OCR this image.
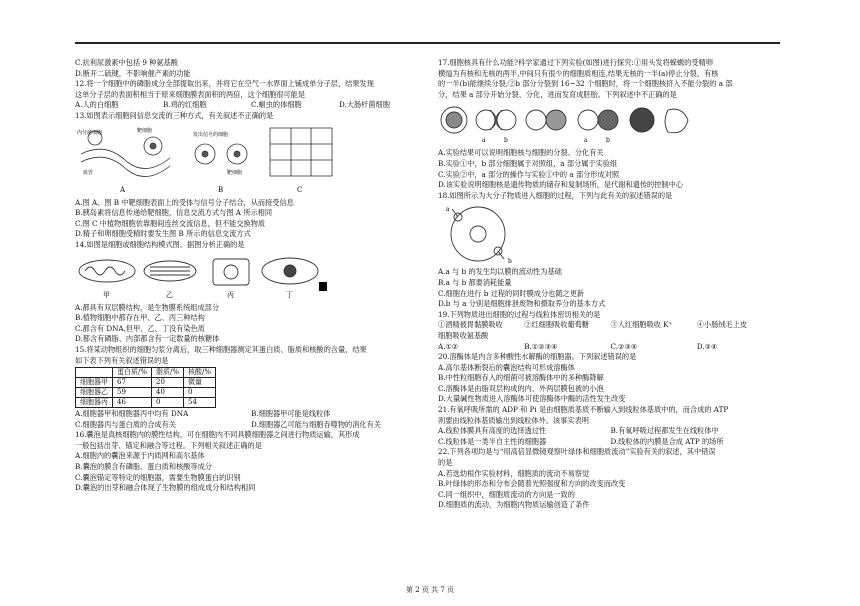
C.抗利尿激素中包括 9 种氨基酸

D.断开二硫键，不影响催产素的功能

12.将一个细胞中的磷脂成分全部提取出来，并将它在空气一水界面上铺成单分子层，结果发现

这单分子层的表面积相当于原来细胞膜表面积的两倍，这个细胞很可能是

A.人的白细胞	B.鸡的红细胞	C.蛔虫的体细胞	D.大肠杆菌细胞

13.如图表示细胞间信息交流的三种方式，有关叙述不正确的是

内分泌细胞	靶细胞
血管
发出信号的细胞
靶细胞
A	B	C

A.图 A、图 B 中靶细胞表面上的受体与信号分子结合，从而接受信息

B.胰岛素将信息传递给靶细胞，信息交流方式与图 A 所示相同

C.图 C 中植物细胞依靠胞间连丝交流信息，但不能交换物质

D.精子和卵细胞受精时要发生图 B 所示的信息交流方式

14.如图是细胞或细胞结构模式图。据图分析正确的是

甲	乙	丙	丁

A.都具有双层膜结构，是生物膜系统组成部分

B.植物细胞中都存在甲、乙、丙三种结构

C.都含有 DNA,但甲、乙、丁没有染色质

D.都含有磷脂、内部都含有一定数量的核糖体

15.将某动物组织的细胞匀浆分离后，取三种细胞器测定其蛋白质、脂质和核酸的含量，结果

如下表下列有关叙述错误的是

	蛋白质/%	脂质/%	核酸/%
细胞器甲	67	20	微量
细胞器乙	59	40	0
细胞器丙	46	0	54
A.细胞器甲和细胞器丙中均有 DNA	B.细胞器甲可能是线粒体
C.细胞器丙与蛋白质的合成有关	D.细胞器乙可能与细胞吞噬物的消化有关

16.囊泡是真核细胞内的膜性结构，可在细胞内不同具膜细胞器之间进行物质运输，其形成

一般包括出芽、锚定和融合等过程。下列相关叙述正确的是

A.细胞内的囊泡来源于内质网和高尔基体

B.囊泡的膜含有磷脂、蛋白质和核酸等成分

C.囊泡锚定等特定的细胞器，需要生物膜蛋白的识别

D.囊泡的出芽和融合体现了生物膜的组成成分和结构相同

17.细胞核具有什么功能?科学家通过下列实验(如图)进行探究:①用头发将蝾螈的受精卵

横缢为有核和无核的两半,中间只有很少的细胞质相连,结果无核的一半(a)停止分裂，有核

的一半(b)能继续分裂;②b 部分分裂到 16~32 个细胞时，将一个细胞核挤入不能分裂的 a 部

分，结果 a 部分开始分裂、分化，进而发育成胚胎。下列叙述中不正确的是

a	b	a	b

A.实验结果可以说明细胞核与细胞的分裂、分化有关

B.实验①中，b 部分细胞属于对照组，a 部分属于实验组

C.实验②中，a 部分的操作与实验①中的 a 部分形成对照

D.该实验说明细胞核是遗传物质的储存和复制场所，是代谢和遗传的控制中心

18.如图所示为大分子物质进入细胞的过程，下列与此有关的叙述错误的是

a
b

A.a 与 b 的发生均以膜的流动性为基础

B.a 与 b 都要消耗能量

C.细胞在进行 b 过程的同时膜成分也随之更新

D.b 与 a 分别是细胞排泄废物和摄取养分的基本方式

19.下列物质进出细胞的过程与线粒体密切相关的是

①酒精被胃黏膜吸收	②红细胞吸收葡萄糖	③人红细胞吸收 K⁺	④小肠绒毛上皮

细胞吸收氨基酸

A.①②	B.①②③④	C.②③④	D.③④

20.溶酶体是内含多种酸性水解酶的细胞器。下列叙述错误的是

A.高尔基体断裂后的囊泡结构可形成溶酶体

B.中性粒细胞吞入的细菌可被溶酶体中的多种酶降解

C.溶酶体是由脂双层构成的内、外两层膜包被的小泡

D.大量碱性物质进入溶酶体可使溶酶体中酶的活性发生改变

21.有氧呼吸所需的 ADP 和 Pi 是由细胞质基质不断输入到线粒体基质中的，而合成的 ATP

则要由线粒体基质输出到线粒体外。该事实表明

A.线粒体膜具有高度的选择透过性	B.有氧呼吸过程都发生在线粒体中
C.线粒体是一类半自主性的细胞器	D.线粒体的内膜是合成 ATP 的场所

22.下列各项均是与“用高倍显微镜观察叶绿体和细胞质流动”实验有关的叙述，其中错误

的是

A.若选幼根作实验材料，细胞质的流动不易察觉

B.叶绿体的形态和分布会随着光照强度和方向的改变而改变

C.同一组织中，细胞质流动的方向是一致的

D.细胞质的流动，为细胞内物质运输创造了条件

第 2 页 共 7 页
